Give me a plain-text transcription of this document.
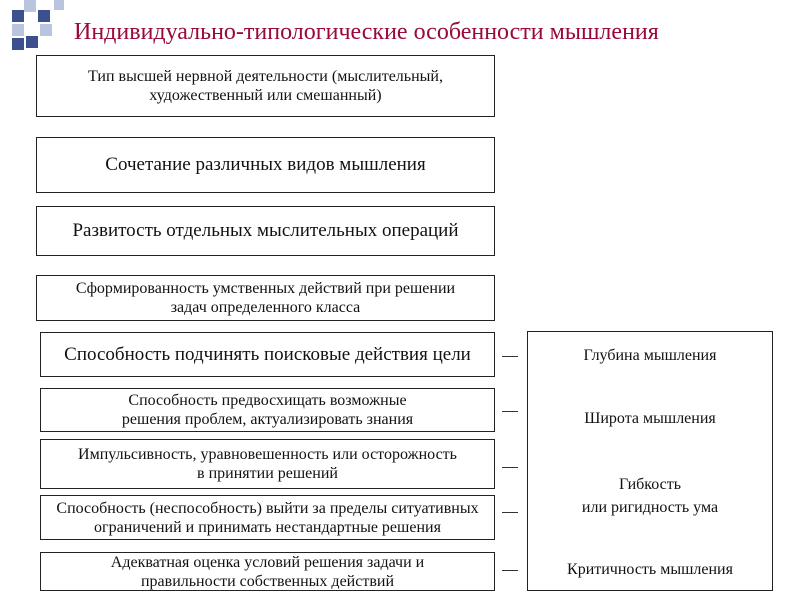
Индивидуально-типологические особенности мышления
Тип высшей нервной деятельности (мыслительный,
художественный или смешанный)
Сочетание различных видов мышления
Развитость отдельных мыслительных операций
Сформированность умственных действий при решении
задач определенного класса
Способность подчинять поисковые действия цели
Способность предвосхищать возможные
решения проблем, актуализировать знания
Импульсивность, уравновешенность или осторожность
в принятии решений
Способность (неспособность) выйти за пределы ситуативных
ограничений и принимать нестандартные решения
Адекватная оценка условий решения задачи и
правильности собственных действий
Глубина мышления
Широта мышления
Гибкость
или ригидность ума
Критичность мышления
